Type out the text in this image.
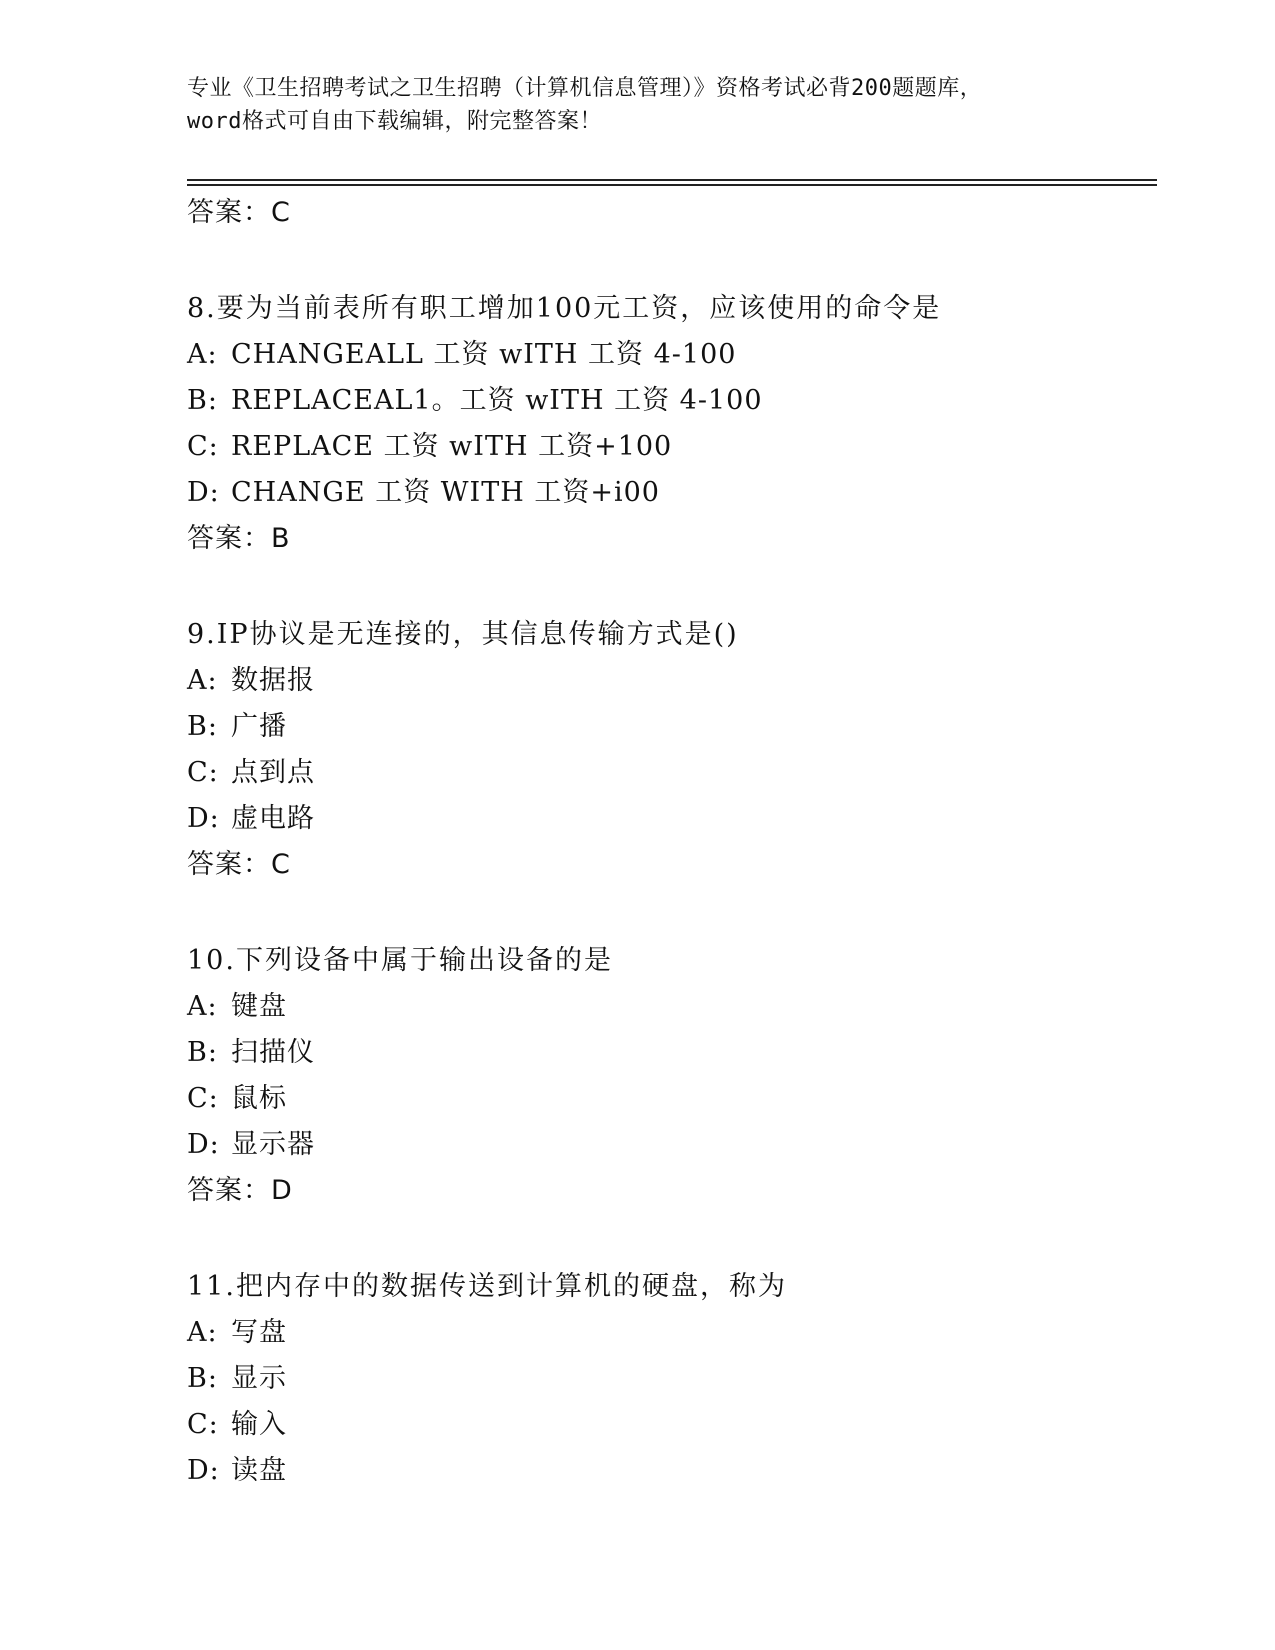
专业《卫生招聘考试之卫生招聘（计算机信息管理）》资格考试必背200题题库，
word格式可自由下载编辑，附完整答案！
答案：C
8.要为当前表所有职工增加100元工资，应该使用的命令是
A: CHANGEALL 工资 wITH 工资 4-100
B: REPLACEAL1。工资 wITH 工资 4-100
C: REPLACE 工资 wITH 工资+100
D: CHANGE 工资 WITH 工资+i00
答案：B
9.IP协议是无连接的，其信息传输方式是()
A: 数据报
B: 广播
C: 点到点
D: 虚电路
答案：C
10.下列设备中属于输出设备的是
A: 键盘
B: 扫描仪
C: 鼠标
D: 显示器
答案：D
11.把内存中的数据传送到计算机的硬盘，称为
A: 写盘
B: 显示
C: 输入
D: 读盘
